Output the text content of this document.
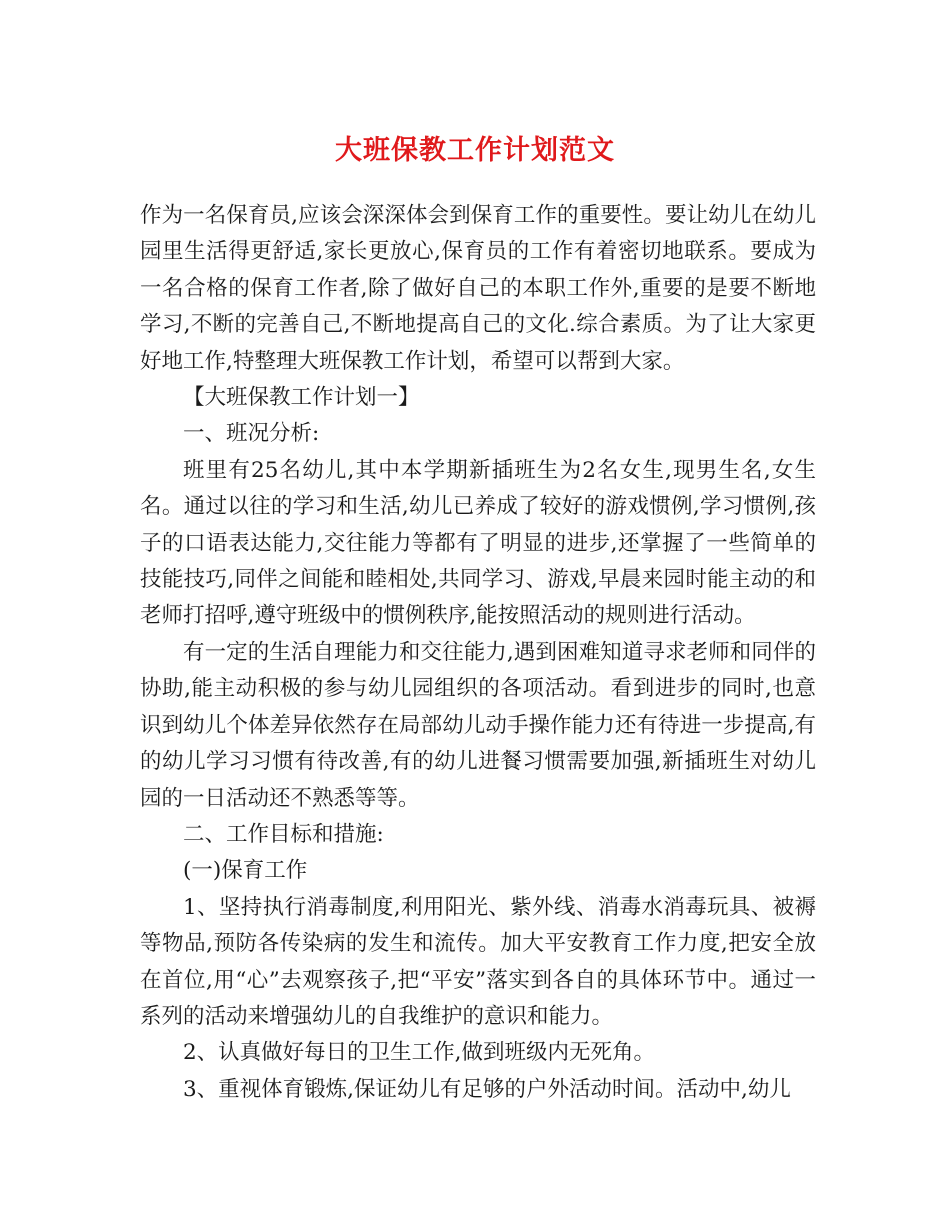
大班保教工作计划范文

作为一名保育员,应该会深深体会到保育工作的重要性。要让幼儿在幼儿园里生活得更舒适,家长更放心,保育员的工作有着密切地联系。要成为一名合格的保育工作者,除了做好自己的本职工作外,重要的是要不断地学习,不断的完善自己,不断地提高自己的文化.综合素质。为了让大家更好地工作,特整理大班保教工作计划，希望可以帮到大家。

【大班保教工作计划一】

一、班况分析:

班里有25名幼儿,其中本学期新插班生为2名女生,现男生名,女生名。通过以往的学习和生活,幼儿已养成了较好的游戏惯例,学习惯例,孩子的口语表达能力,交往能力等都有了明显的进步,还掌握了一些简单的技能技巧,同伴之间能和睦相处,共同学习、游戏,早晨来园时能主动的和老师打招呼,遵守班级中的惯例秩序,能按照活动的规则进行活动。

有一定的生活自理能力和交往能力,遇到困难知道寻求老师和同伴的协助,能主动积极的参与幼儿园组织的各项活动。看到进步的同时,也意识到幼儿个体差异依然存在局部幼儿动手操作能力还有待进一步提高,有的幼儿学习习惯有待改善,有的幼儿进餐习惯需要加强,新插班生对幼儿园的一日活动还不熟悉等等。

二、工作目标和措施:

(一)保育工作

1、坚持执行消毒制度,利用阳光、紫外线、消毒水消毒玩具、被褥等物品,预防各传染病的发生和流传。加大平安教育工作力度,把安全放在首位,用“心”去观察孩子,把“平安”落实到各自的具体环节中。通过一系列的活动来增强幼儿的自我维护的意识和能力。

2、认真做好每日的卫生工作,做到班级内无死角。

3、重视体育锻炼,保证幼儿有足够的户外活动时间。活动中,幼儿
